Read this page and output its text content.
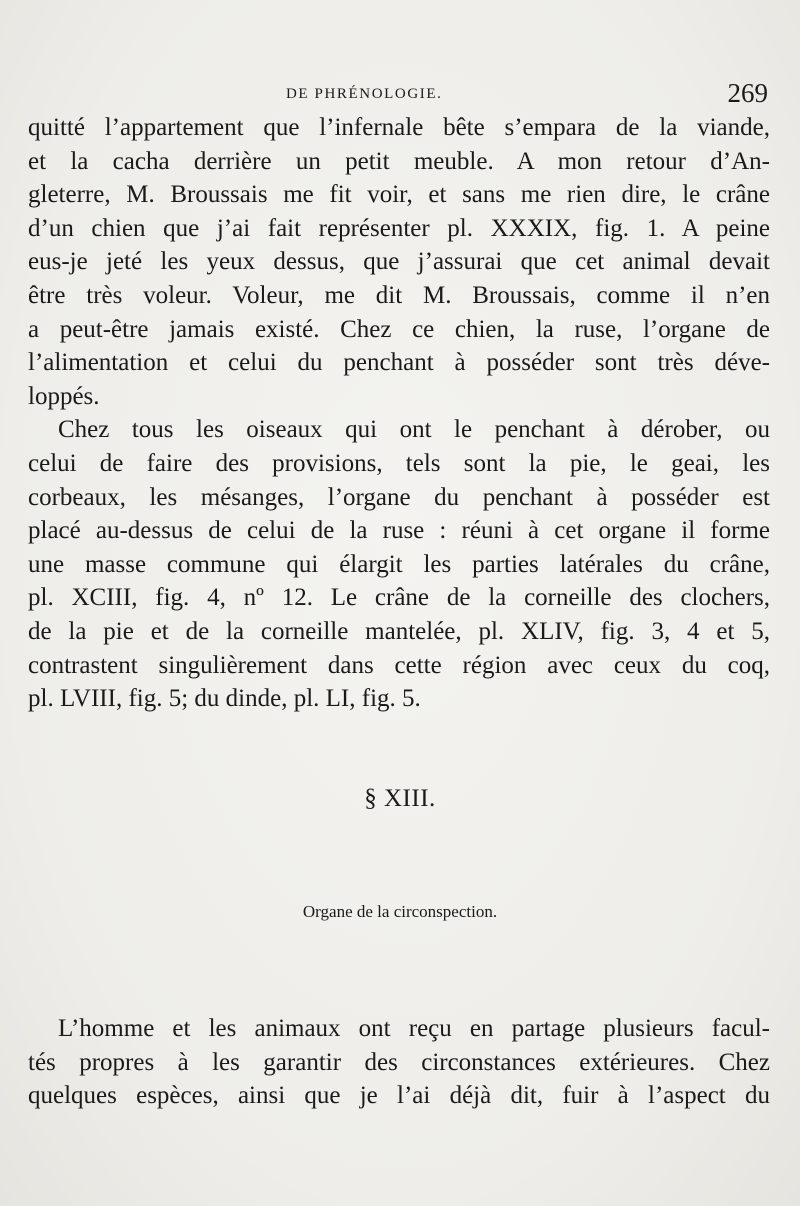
DE PHRÉNOLOGIE.	269
quitté l’appartement que l’infernale bête s’empara de la viande,
et la cacha derrière un petit meuble. A mon retour d’An-
gleterre, M. Broussais me fit voir, et sans me rien dire, le crâne
d’un chien que j’ai fait représenter pl. XXXIX, fig. 1. A peine
eus-je jeté les yeux dessus, que j’assurai que cet animal devait
être très voleur. Voleur, me dit M. Broussais, comme il n’en
a peut-être jamais existé. Chez ce chien, la ruse, l’organe de
l’alimentation et celui du penchant à posséder sont très déve-
loppés.
Chez tous les oiseaux qui ont le penchant à dérober, ou
celui de faire des provisions, tels sont la pie, le geai, les
corbeaux, les mésanges, l’organe du penchant à posséder est
placé au-dessus de celui de la ruse : réuni à cet organe il forme
une masse commune qui élargit les parties latérales du crâne,
pl. XCIII, fig. 4, nº 12. Le crâne de la corneille des clochers,
de la pie et de la corneille mantelée, pl. XLIV, fig. 3, 4 et 5,
contrastent singulièrement dans cette région avec ceux du coq,
pl. LVIII, fig. 5; du dinde, pl. LI, fig. 5.
§ XIII.
Organe de la circonspection.
L’homme et les animaux ont reçu en partage plusieurs facul-
tés propres à les garantir des circonstances extérieures. Chez
quelques espèces, ainsi que je l’ai déjà dit, fuir à l’aspect du
